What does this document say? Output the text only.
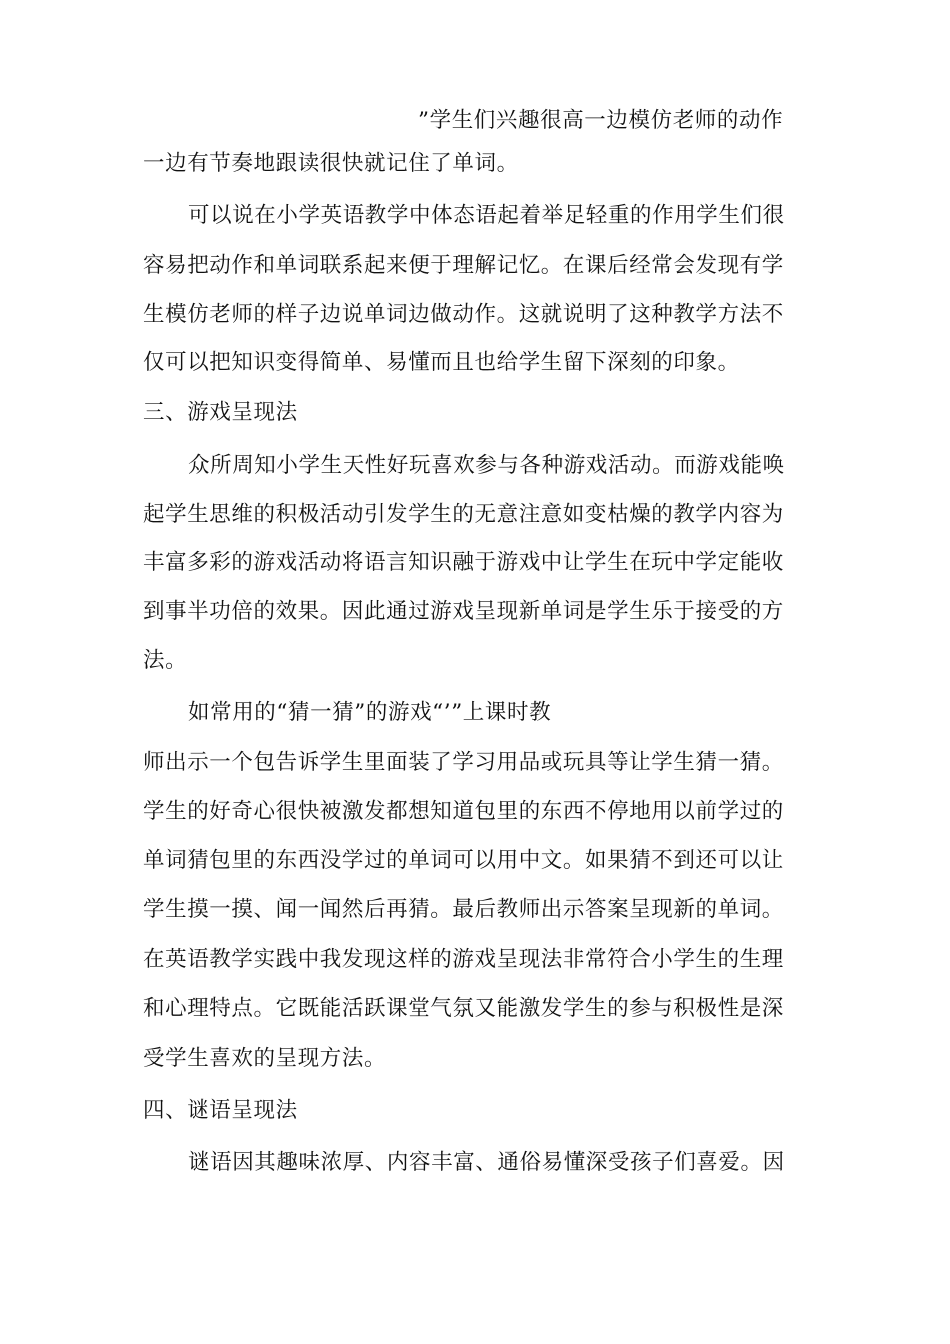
”学生们兴趣很高一边模仿老师的动作
一边有节奏地跟读很快就记住了单词。
可以说在小学英语教学中体态语起着举足轻重的作用学生们很
容易把动作和单词联系起来便于理解记忆。在课后经常会发现有学
生模仿老师的样子边说单词边做动作。这就说明了这种教学方法不
仅可以把知识变得简单、易懂而且也给学生留下深刻的印象。
三、游戏呈现法
众所周知小学生天性好玩喜欢参与各种游戏活动。而游戏能唤
起学生思维的积极活动引发学生的无意注意如变枯燥的教学内容为
丰富多彩的游戏活动将语言知识融于游戏中让学生在玩中学定能收
到事半功倍的效果。因此通过游戏呈现新单词是学生乐于接受的方
法。
如常用的“猜一猜”的游戏“’”上课时教
师出示一个包告诉学生里面装了学习用品或玩具等让学生猜一猜。
学生的好奇心很快被激发都想知道包里的东西不停地用以前学过的
单词猜包里的东西没学过的单词可以用中文。如果猜不到还可以让
学生摸一摸、闻一闻然后再猜。最后教师出示答案呈现新的单词。
在英语教学实践中我发现这样的游戏呈现法非常符合小学生的生理
和心理特点。它既能活跃课堂气氛又能激发学生的参与积极性是深
受学生喜欢的呈现方法。
四、谜语呈现法
谜语因其趣味浓厚、内容丰富、通俗易懂深受孩子们喜爱。因
